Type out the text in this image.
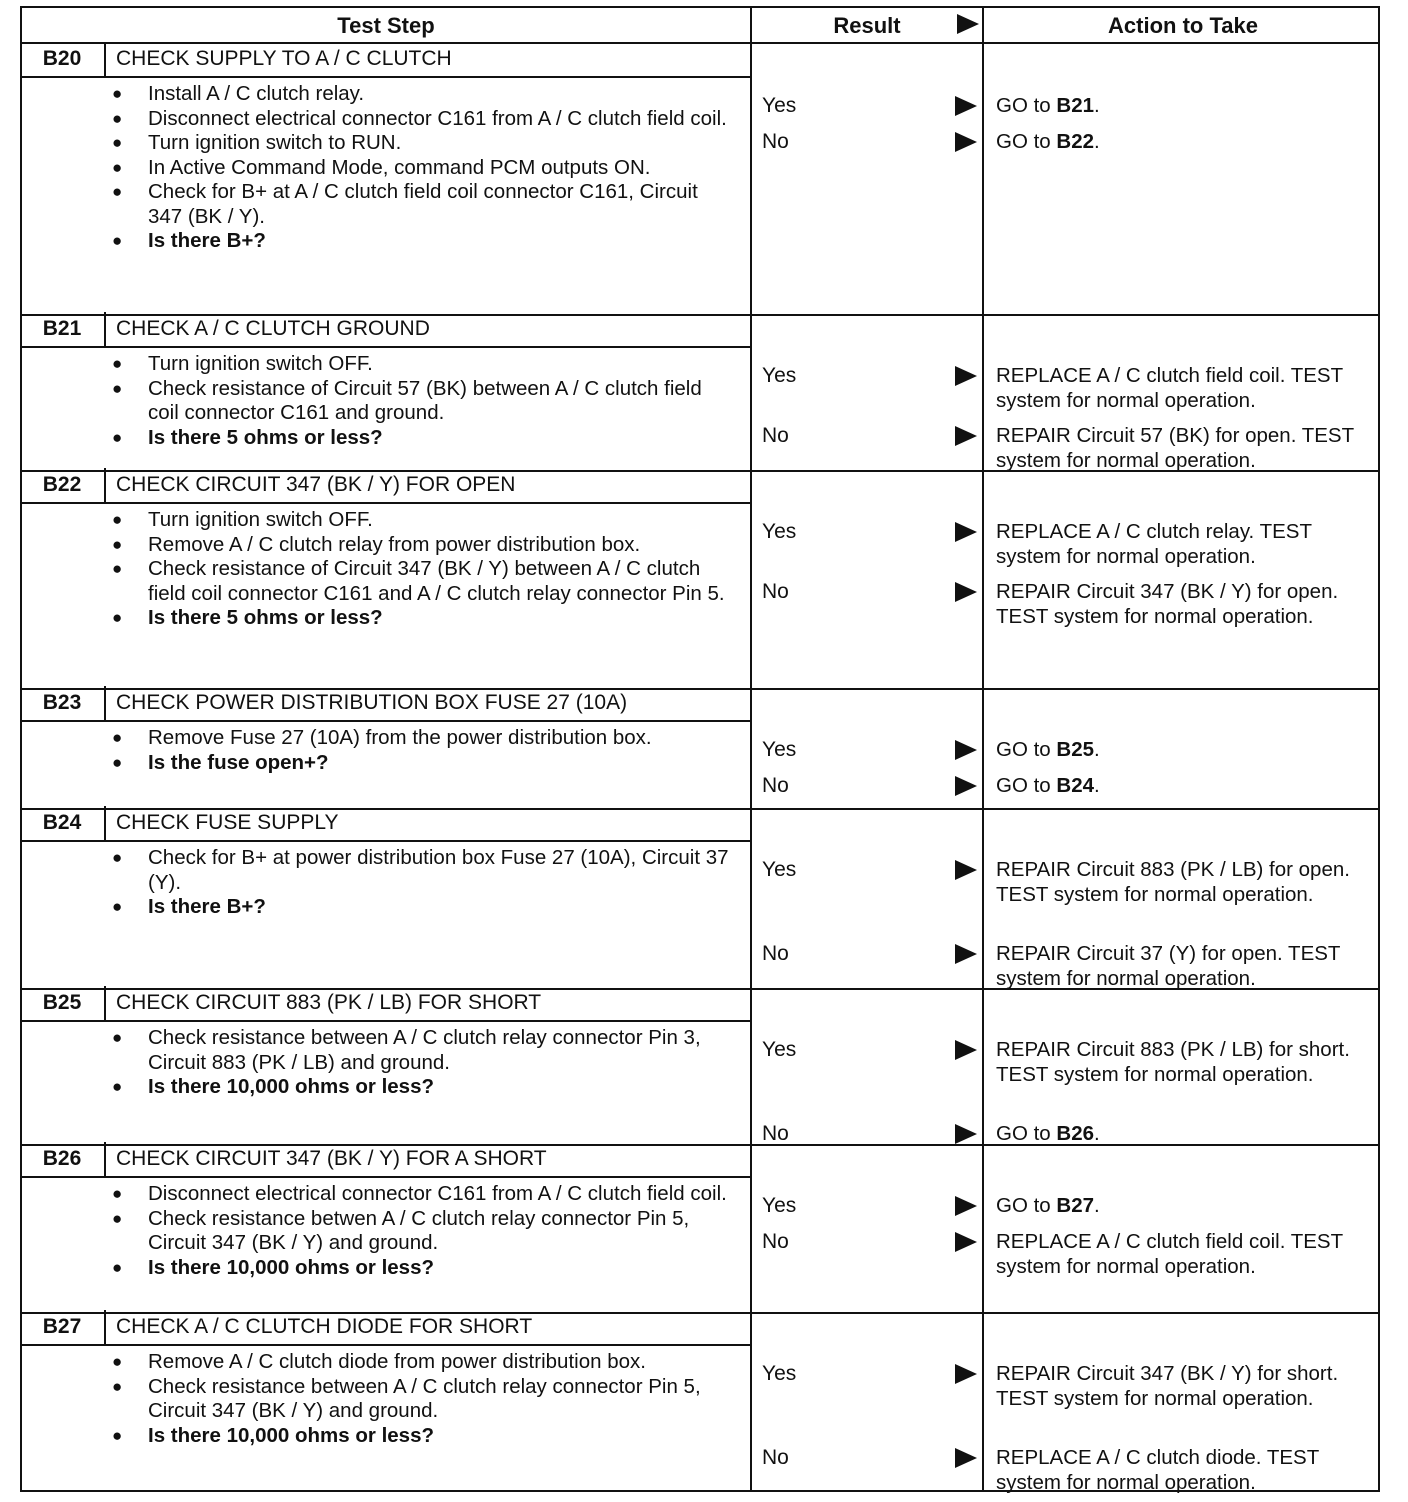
Test Step	Result	Action to Take
B20	CHECK SUPPLY TO A / C CLUTCH
● Install A / C clutch relay.
● Disconnect electrical connector C161 from A / C clutch field coil.
● Turn ignition switch to RUN.
● In Active Command Mode, command PCM outputs ON.
● Check for B+ at A / C clutch field coil connector C161, Circuit 347 (BK / Y).
● Is there B+?
Yes	GO to B21.
No	GO to B22.
B21	CHECK A / C CLUTCH GROUND
● Turn ignition switch OFF.
● Check resistance of Circuit 57 (BK) between A / C clutch field coil connector C161 and ground.
● Is there 5 ohms or less?
Yes	REPLACE A / C clutch field coil. TEST system for normal operation.
No	REPAIR Circuit 57 (BK) for open. TEST system for normal operation.
B22	CHECK CIRCUIT 347 (BK / Y) FOR OPEN
● Turn ignition switch OFF.
● Remove A / C clutch relay from power distribution box.
● Check resistance of Circuit 347 (BK / Y) between A / C clutch field coil connector C161 and A / C clutch relay connector Pin 5.
● Is there 5 ohms or less?
Yes	REPLACE A / C clutch relay. TEST system for normal operation.
No	REPAIR Circuit 347 (BK / Y) for open. TEST system for normal operation.
B23	CHECK POWER DISTRIBUTION BOX FUSE 27 (10A)
● Remove Fuse 27 (10A) from the power distribution box.
● Is the fuse open+?
Yes	GO to B25.
No	GO to B24.
B24	CHECK FUSE SUPPLY
● Check for B+ at power distribution box Fuse 27 (10A), Circuit 37 (Y).
● Is there B+?
Yes	REPAIR Circuit 883 (PK / LB) for open. TEST system for normal operation.
No	REPAIR Circuit 37 (Y) for open. TEST system for normal operation.
B25	CHECK CIRCUIT 883 (PK / LB) FOR SHORT
● Check resistance between A / C clutch relay connector Pin 3, Circuit 883 (PK / LB) and ground.
● Is there 10,000 ohms or less?
Yes	REPAIR Circuit 883 (PK / LB) for short. TEST system for normal operation.
No	GO to B26.
B26	CHECK CIRCUIT 347 (BK / Y) FOR A SHORT
● Disconnect electrical connector C161 from A / C clutch field coil.
● Check resistance betwen A / C clutch relay connector Pin 5, Circuit 347 (BK / Y) and ground.
● Is there 10,000 ohms or less?
Yes	GO to B27.
No	REPLACE A / C clutch field coil. TEST system for normal operation.
B27	CHECK A / C CLUTCH DIODE FOR SHORT
● Remove A / C clutch diode from power distribution box.
● Check resistance between A / C clutch relay connector Pin 5, Circuit 347 (BK / Y) and ground.
● Is there 10,000 ohms or less?
Yes	REPAIR Circuit 347 (BK / Y) for short. TEST system for normal operation.
No	REPLACE A / C clutch diode. TEST system for normal operation.
